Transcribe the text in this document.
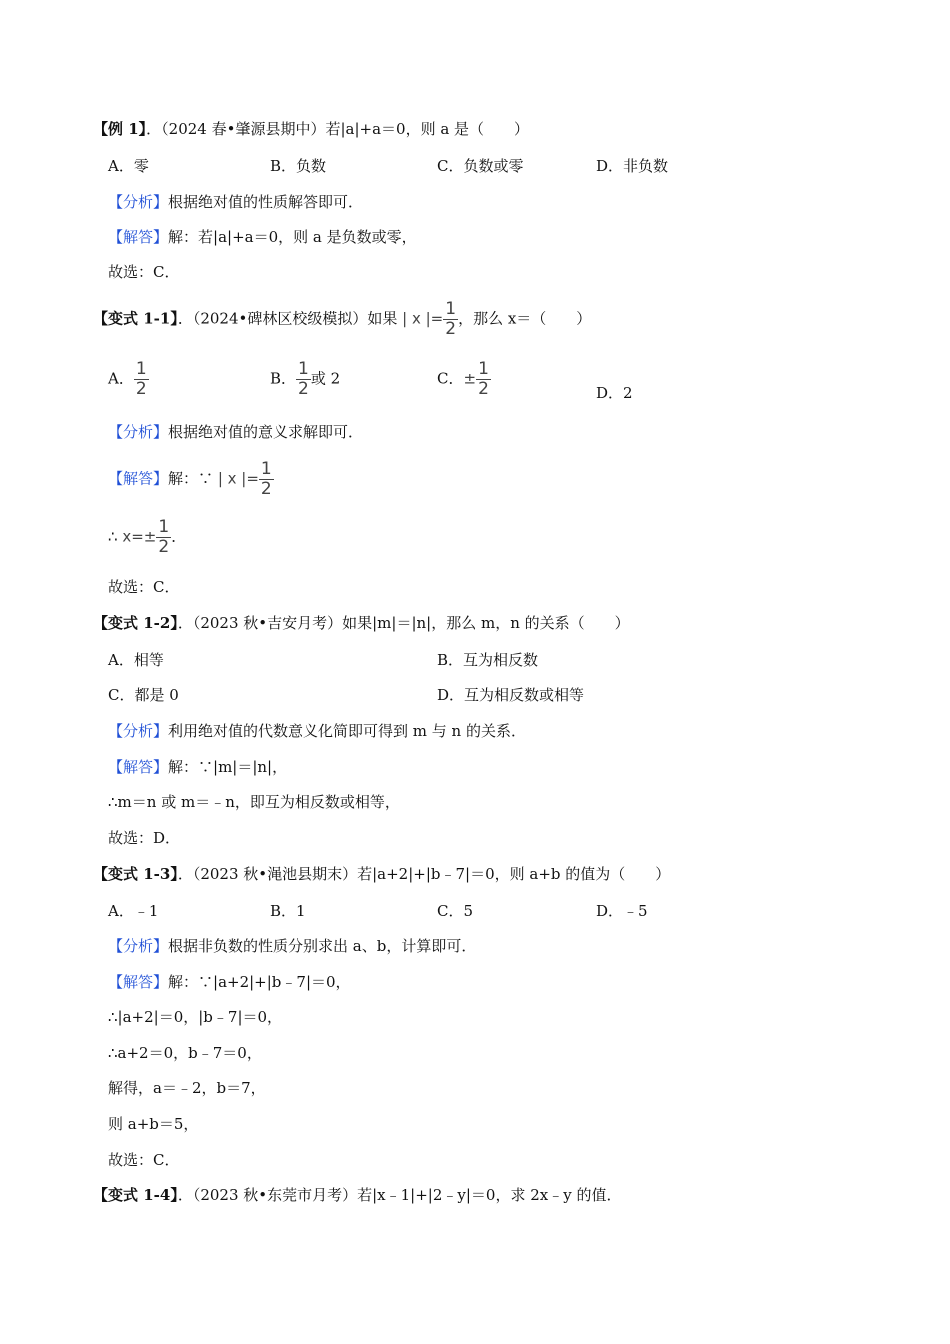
【例 1】．（2024 春•肇源县期中）若|a|+a＝0，则 a 是（　　）
A．零	B．负数	C．负数或零	D．非负数
【分析】根据绝对值的性质解答即可．
【解答】解：若|a|+a＝0，则 a 是负数或零，
故选：C．
【变式 1-1】．（2024•碑林区校级模拟）如果 | x |= $\frac{1}{2}$ ，那么 x＝（　　）
A． $\frac{1}{2}$	B． $\frac{1}{2}$ 或 2	C．± $\frac{1}{2}$	D．2
【分析】根据绝对值的意义求解即可．
【解答】解：∵ | x |= $\frac{1}{2}$
∴ $x=\pm \frac{1}{2}$ ．
故选：C．
【变式 1-2】．（2023 秋•吉安月考）如果|m|＝|n|，那么 m，n 的关系（　　）
A．相等	B．互为相反数
C．都是 0	D．互为相反数或相等
【分析】利用绝对值的代数意义化简即可得到 m 与 n 的关系．
【解答】解：∵|m|＝|n|，
∴m＝n 或 m＝﹣n，即互为相反数或相等，
故选：D．
【变式 1-3】．（2023 秋•渑池县期末）若|a+2|+|b﹣7|＝0，则 a+b 的值为（　　）
A．﹣1	B．1	C．5	D．﹣5
【分析】根据非负数的性质分别求出 a、b，计算即可．
【解答】解：∵|a+2|+|b﹣7|＝0，
∴|a+2|＝0，|b﹣7|＝0，
∴a+2＝0，b﹣7＝0，
解得，a＝﹣2，b＝7，
则 a+b＝5，
故选：C．
【变式 1-4】．（2023 秋•东莞市月考）若|x﹣1|+|2﹣y|＝0，求 2x﹣y 的值．
